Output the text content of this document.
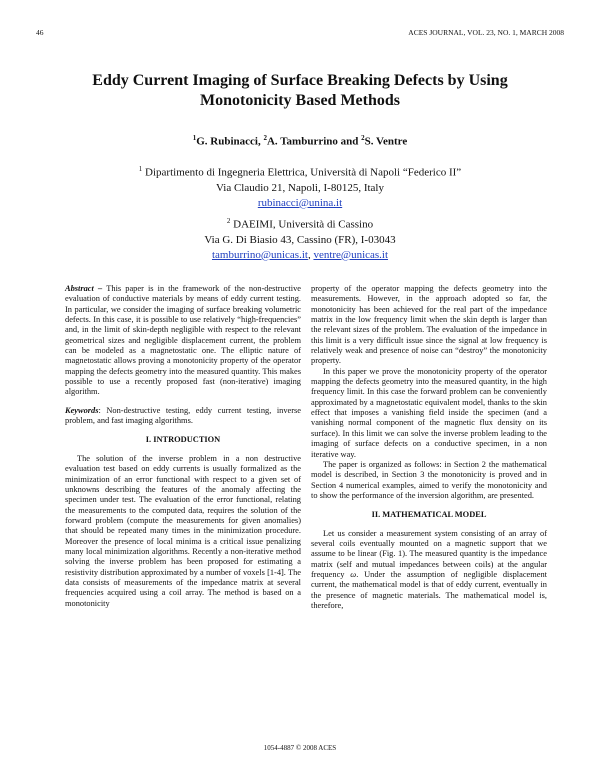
46	ACES JOURNAL, VOL. 23, NO. 1, MARCH 2008
Eddy Current Imaging of Surface Breaking Defects by Using
Monotonicity Based Methods
$^1$G. Rubinacci, $^2$A. Tamburrino and $^2$S. Ventre
$^1$ Dipartimento di Ingegneria Elettrica, Università di Napoli “Federico II”
Via Claudio 21, Napoli, I-80125, Italy
rubinacci@unina.it
$^2$ DAEIMI, Università di Cassino
Via G. Di Biasio 43, Cassino (FR), I-03043
tamburrino@unicas.it, ventre@unicas.it

Abstract – This paper is in the framework of the non-destructive evaluation of conductive materials by means of eddy current testing. In particular, we consider the imaging of surface breaking volumetric defects. In this case, it is possible to use relatively “high-frequencies” and, in the limit of skin-depth negligible with respect to the relevant geometrical sizes and negligible displacement current, the problem can be modeled as a magnetostatic one. The elliptic nature of magnetostatic allows proving a monotonicity property of the operator mapping the defects geometry into the measured quantity. This makes possible to use a recently proposed fast (non-iterative) imaging algorithm.

Keywords: Non-destructive testing, eddy current testing, inverse problem, and fast imaging algorithms.

I. INTRODUCTION

The solution of the inverse problem in a non destructive evaluation test based on eddy currents is usually formalized as the minimization of an error functional with respect to a given set of unknowns describing the features of the anomaly affecting the specimen under test. The evaluation of the error functional, relating the measurements to the computed data, requires the solution of the forward problem (compute the measurements for given anomalies) that should be repeated many times in the minimization procedure. Moreover the presence of local minima is a critical issue penalizing many local minimization algorithms. Recently a non-iterative method solving the inverse problem has been proposed for estimating a resistivity distribution approximated by a number of voxels [1-4]. The data consists of measurements of the impedance matrix at several frequencies acquired using a coil array. The method is based on a monotonicity

property of the operator mapping the defects geometry into the measurements. However, in the approach adopted so far, the monotonicity has been achieved for the real part of the impedance matrix in the low frequency limit when the skin depth is larger than the relevant sizes of the problem. The evaluation of the impedance in this limit is a very difficult issue since the signal at low frequency is relatively weak and presence of noise can “destroy” the monotonicity property.

In this paper we prove the monotonicity property of the operator mapping the defects geometry into the measured quantity, in the high frequency limit. In this case the forward problem can be conveniently approximated by a magnetostatic equivalent model, thanks to the skin effect that imposes a vanishing field inside the specimen (and a vanishing normal component of the magnetic flux density on its surface). In this limit we can solve the inverse problem leading to the imaging of surface defects on a conductive specimen, in a non iterative way.

The paper is organized as follows: in Section 2 the mathematical model is described, in Section 3 the monotonicity is proved and in Section 4 numerical examples, aimed to verify the monotonicity and to show the performance of the inversion algorithm, are presented.

II. MATHEMATICAL MODEL

Let us consider a measurement system consisting of an array of several coils eventually mounted on a magnetic support that we assume to be linear (Fig. 1). The measured quantity is the impedance matrix (self and mutual impedances between coils) at the angular frequency ω. Under the assumption of negligible displacement current, the mathematical model is that of eddy current, eventually in the presence of magnetic materials. The mathematical model is, therefore,

1054-4887 © 2008 ACES
